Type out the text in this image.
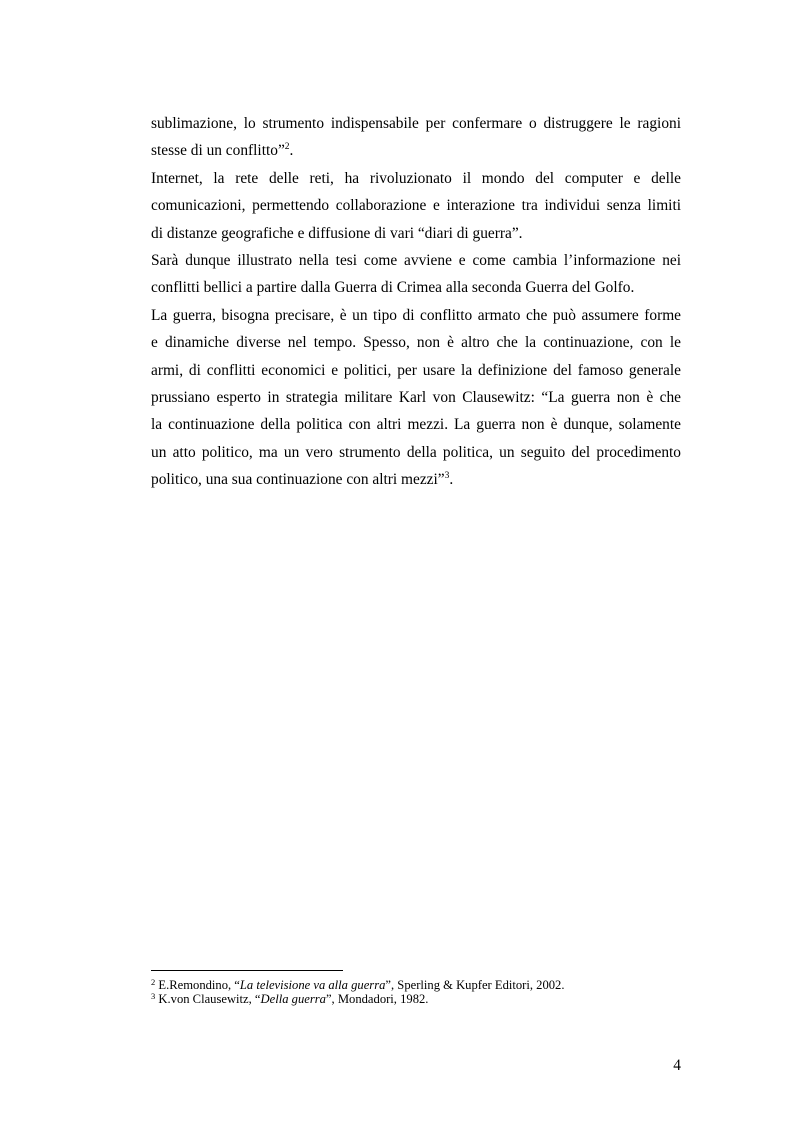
sublimazione, lo strumento indispensabile per confermare o distruggere le ragioni
stesse di un conflitto”$^2$.
Internet, la rete delle reti, ha rivoluzionato il mondo del computer e delle
comunicazioni, permettendo collaborazione e interazione tra individui senza limiti
di distanze geografiche e diffusione di vari “diari di guerra”.
Sarà dunque illustrato nella tesi come avviene e come cambia l’informazione nei
conflitti bellici a partire dalla Guerra di Crimea alla seconda Guerra del Golfo.
La guerra, bisogna precisare, è un tipo di conflitto armato che può assumere forme
e dinamiche diverse nel tempo. Spesso, non è altro che la continuazione, con le
armi, di conflitti economici e politici, per usare la definizione del famoso generale
prussiano esperto in strategia militare Karl von Clausewitz: “La guerra non è che
la continuazione della politica con altri mezzi. La guerra non è dunque, solamente
un atto politico, ma un vero strumento della politica, un seguito del procedimento
politico, una sua continuazione con altri mezzi”$^3$.
$^2$ E.Remondino, “La televisione va alla guerra”, Sperling & Kupfer Editori, 2002.
$^3$ K.von Clausewitz, “Della guerra”, Mondadori, 1982.
4
